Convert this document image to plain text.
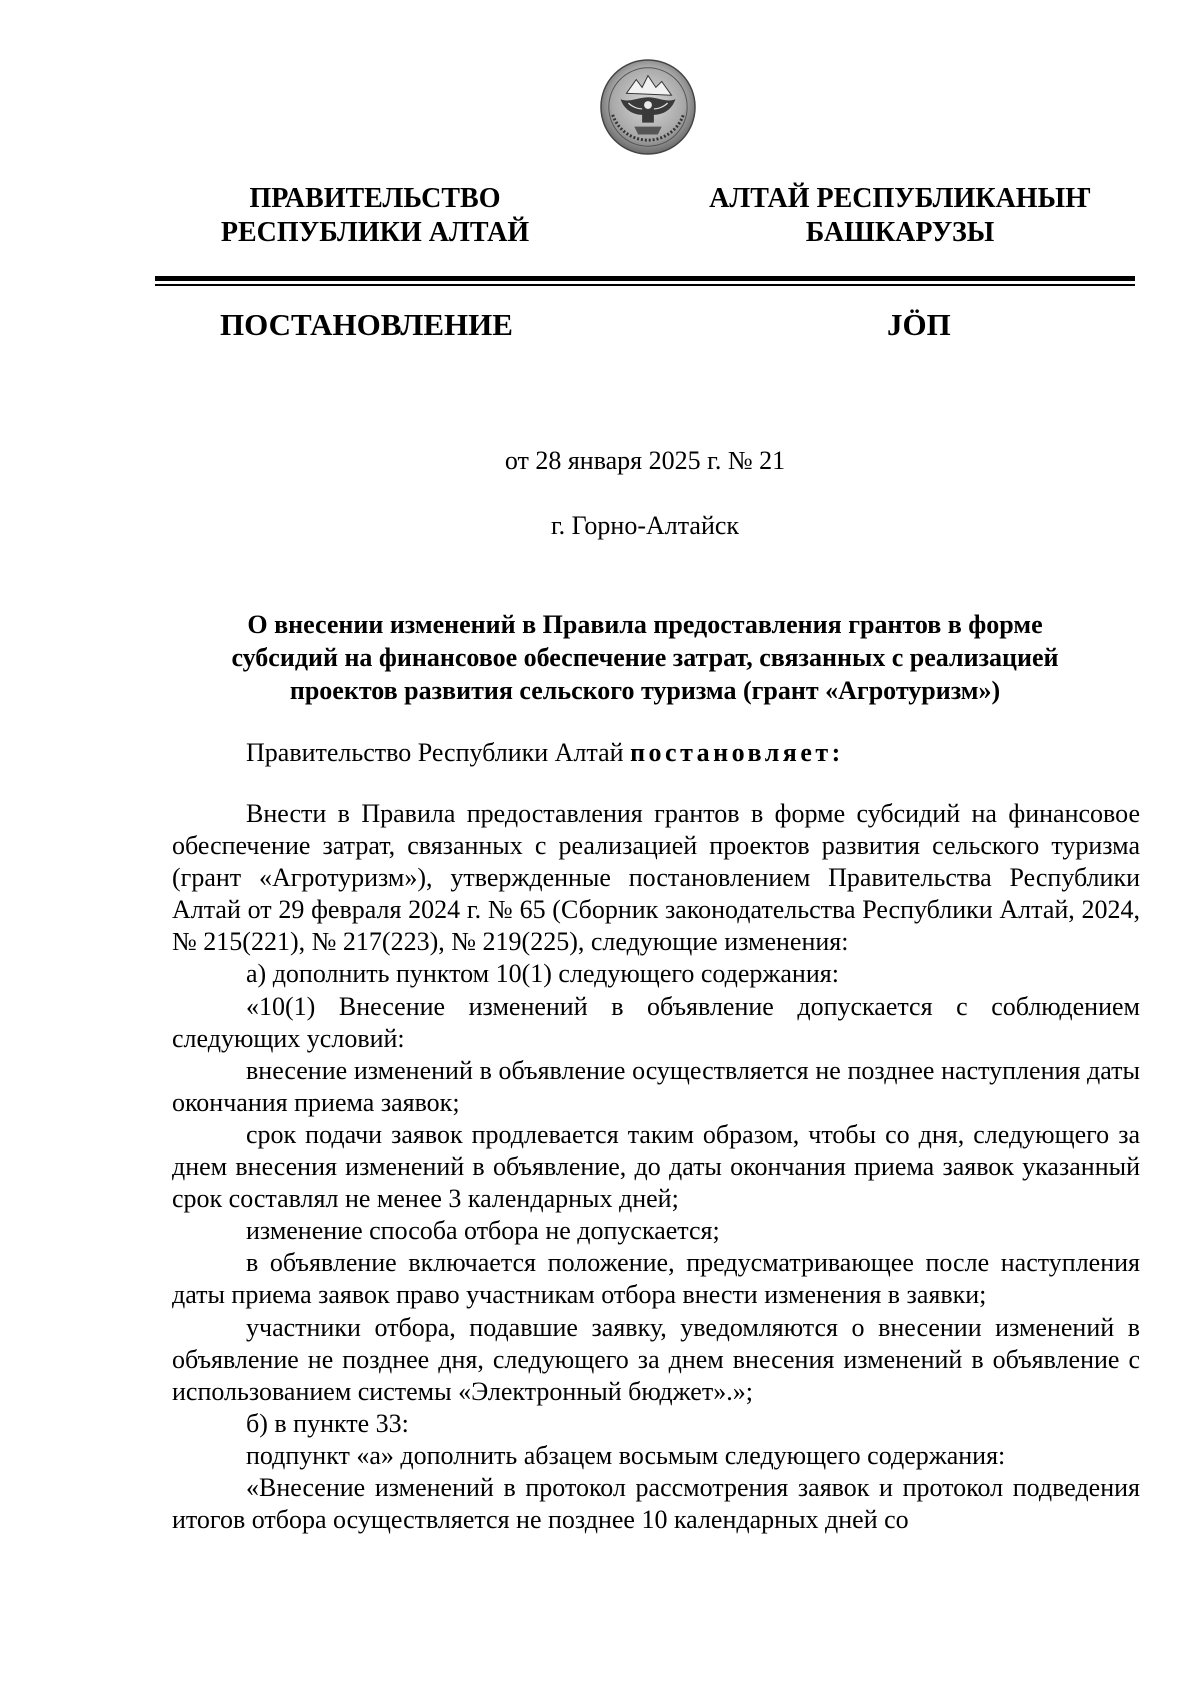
ПРАВИТЕЛЬСТВО
РЕСПУБЛИКИ АЛТАЙ
АЛТАЙ РЕСПУБЛИКАНЫҤ
БАШКАРУЗЫ
ПОСТАНОВЛЕНИЕ	JӦП
от 28 января 2025 г. № 21
г. Горно-Алтайск
О внесении изменений в Правила предоставления грантов в форме
субсидий на финансовое обеспечение затрат, связанных с реализацией
проектов развития сельского туризма (грант «Агротуризм»)
Правительство Республики Алтай постановляет:

Внести в Правила предоставления грантов в форме субсидий на финансовое обеспечение затрат, связанных с реализацией проектов развития сельского туризма (грант «Агротуризм»), утвержденные постановлением Правительства Республики Алтай от 29 февраля 2024 г. № 65 (Сборник законодательства Республики Алтай, 2024, № 215(221), № 217(223), № 219(225), следующие изменения:

а) дополнить пунктом 10(1) следующего содержания:

«10(1) Внесение изменений в объявление допускается с соблюдением следующих условий:

внесение изменений в объявление осуществляется не позднее наступления даты окончания приема заявок;

срок подачи заявок продлевается таким образом, чтобы со дня, следующего за днем внесения изменений в объявление, до даты окончания приема заявок указанный срок составлял не менее 3 календарных дней;

изменение способа отбора не допускается;

в объявление включается положение, предусматривающее после наступления даты приема заявок право участникам отбора внести изменения в заявки;

участники отбора, подавшие заявку, уведомляются о внесении изменений в объявление не позднее дня, следующего за днем внесения изменений в объявление с использованием системы «Электронный бюджет».»;

б) в пункте 33:

подпункт «а» дополнить абзацем восьмым следующего содержания:

«Внесение изменений в протокол рассмотрения заявок и протокол подведения итогов отбора осуществляется не позднее 10 календарных дней со
